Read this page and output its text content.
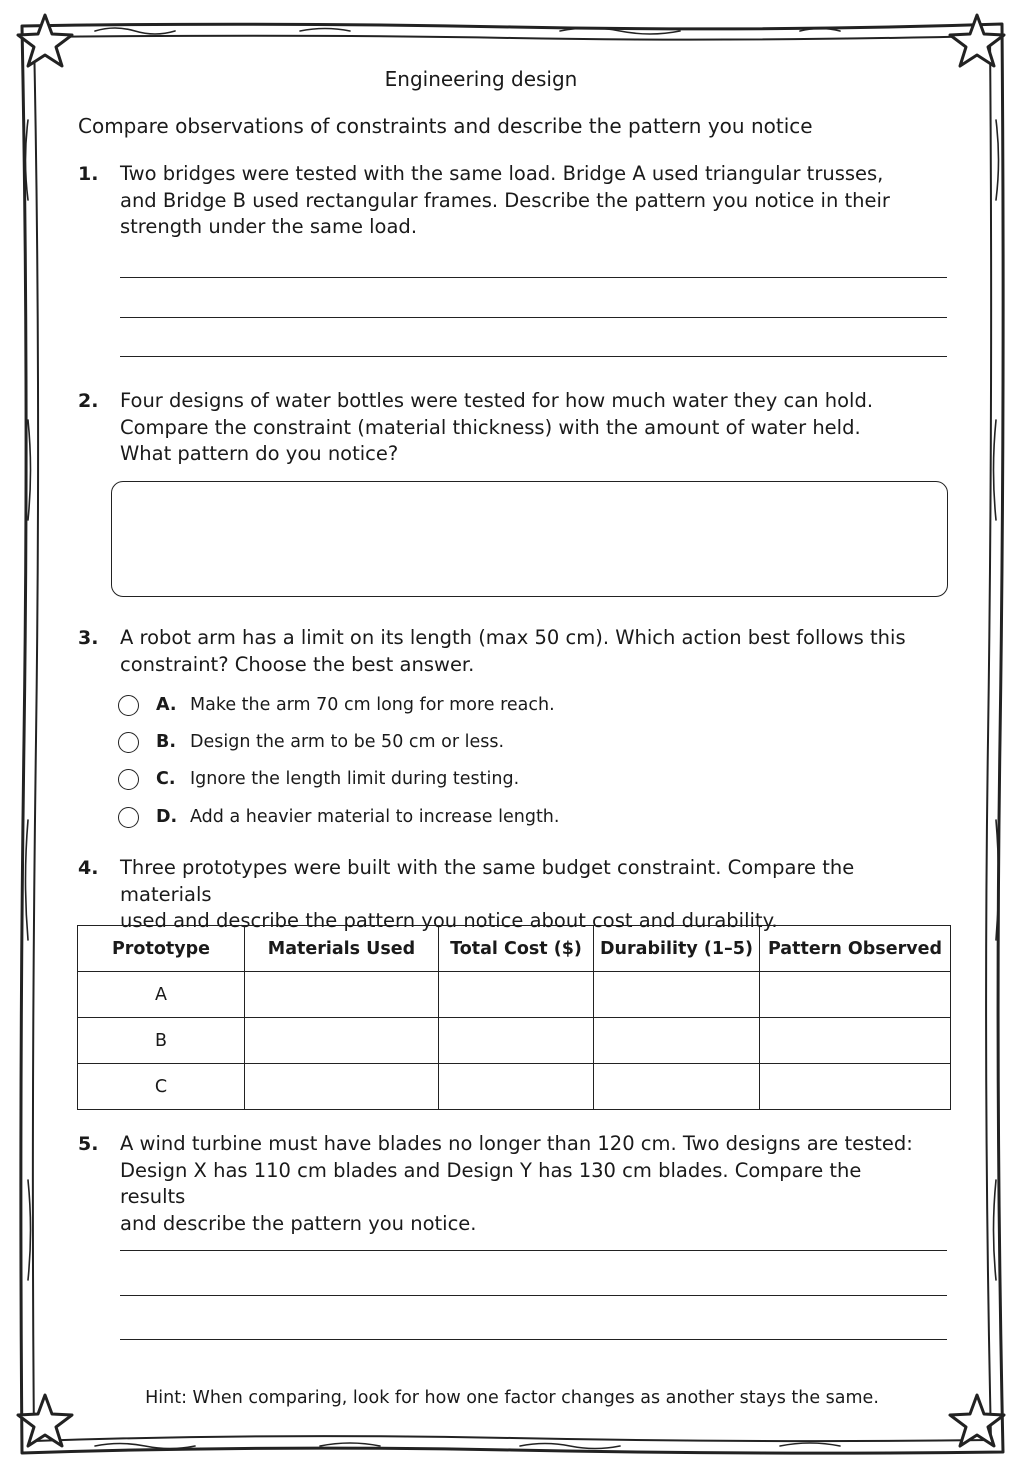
Engineering design
Compare observations of constraints and describe the pattern you notice
1. Two bridges were tested with the same load. Bridge A used triangular trusses,
and Bridge B used rectangular frames. Describe the pattern you notice in their
strength under the same load.
2. Four designs of water bottles were tested for how much water they can hold.
Compare the constraint (material thickness) with the amount of water held.
What pattern do you notice?
3. A robot arm has a limit on its length (max 50 cm). Which action best follows this
constraint? Choose the best answer.
A. Make the arm 70 cm long for more reach.
B. Design the arm to be 50 cm or less.
C. Ignore the length limit during testing.
D. Add a heavier material to increase length.
4. Three prototypes were built with the same budget constraint. Compare the materials
used and describe the pattern you notice about cost and durability.
Prototype	Materials Used	Total Cost ($)	Durability (1–5)	Pattern Observed
A				
B				
C				
5. A wind turbine must have blades no longer than 120 cm. Two designs are tested:
Design X has 110 cm blades and Design Y has 130 cm blades. Compare the results
and describe the pattern you notice.
Hint: When comparing, look for how one factor changes as another stays the same.
